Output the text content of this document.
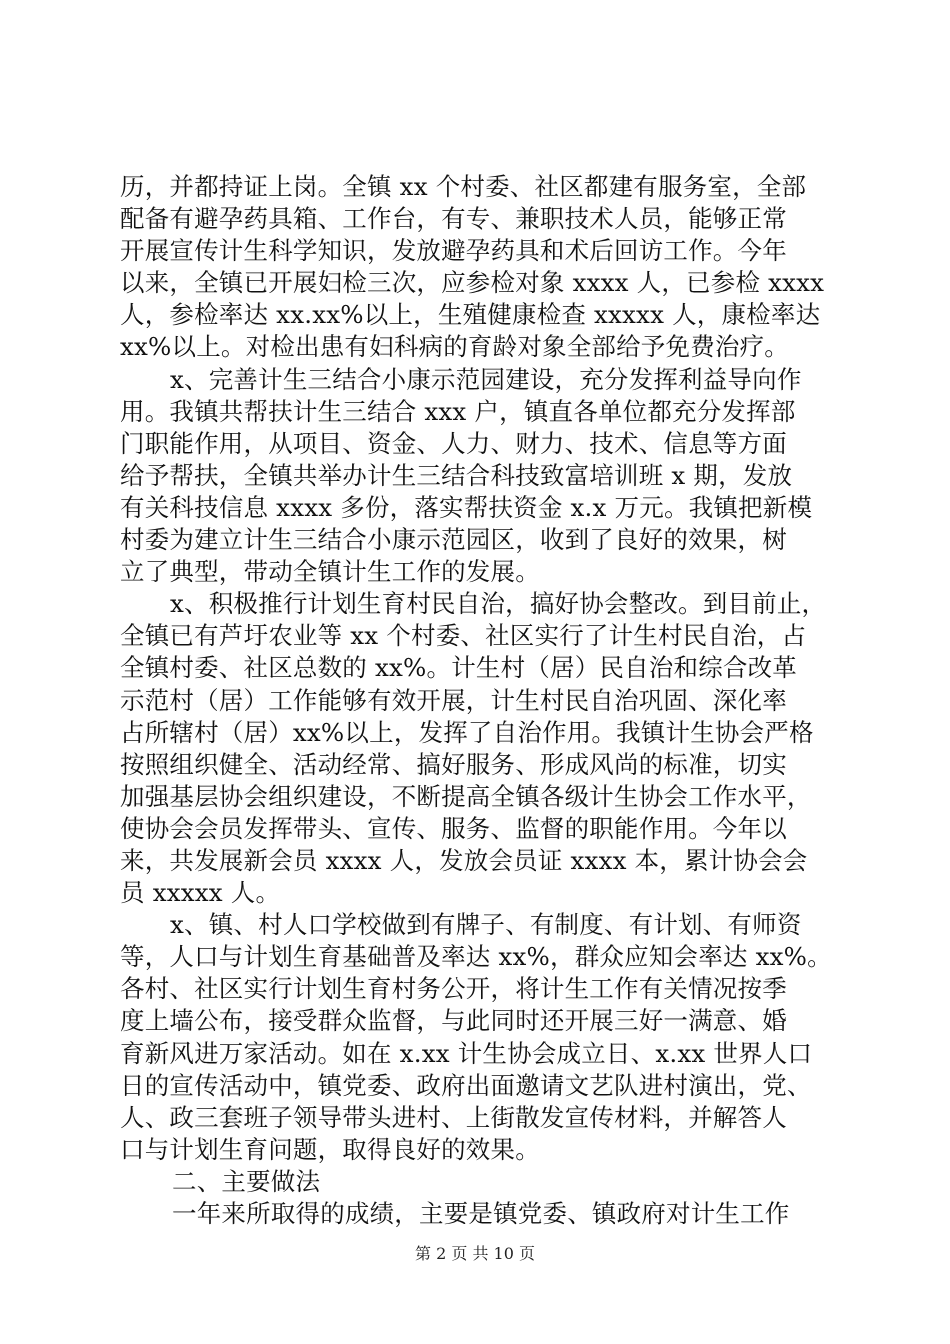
历，并都持证上岗。全镇 xx 个村委、社区都建有服务室，全部
配备有避孕药具箱、工作台，有专、兼职技术人员，能够正常
开展宣传计生科学知识，发放避孕药具和术后回访工作。今年
以来，全镇已开展妇检三次，应参检对象 xxxx 人，已参检 xxxx
人，参检率达 xx.xx%以上，生殖健康检查 xxxxx 人，康检率达
xx%以上。对检出患有妇科病的育龄对象全部给予免费治疗。
x、完善计生三结合小康示范园建设，充分发挥利益导向作
用。我镇共帮扶计生三结合 xxx 户，镇直各单位都充分发挥部
门职能作用，从项目、资金、人力、财力、技术、信息等方面
给予帮扶，全镇共举办计生三结合科技致富培训班 x 期，发放
有关科技信息 xxxx 多份，落实帮扶资金 x.x 万元。我镇把新模
村委为建立计生三结合小康示范园区，收到了良好的效果，树
立了典型，带动全镇计生工作的发展。
x、积极推行计划生育村民自治，搞好协会整改。到目前止，
全镇已有芦圩农业等 xx 个村委、社区实行了计生村民自治，占
全镇村委、社区总数的 xx%。计生村（居）民自治和综合改革
示范村（居）工作能够有效开展，计生村民自治巩固、深化率
占所辖村（居）xx%以上，发挥了自治作用。我镇计生协会严格
按照组织健全、活动经常、搞好服务、形成风尚的标准，切实
加强基层协会组织建设，不断提高全镇各级计生协会工作水平，
使协会会员发挥带头、宣传、服务、监督的职能作用。今年以
来，共发展新会员 xxxx 人，发放会员证 xxxx 本，累计协会会
员 xxxxx 人。
x、镇、村人口学校做到有牌子、有制度、有计划、有师资
等，人口与计划生育基础普及率达 xx%，群众应知会率达 xx%。
各村、社区实行计划生育村务公开，将计生工作有关情况按季
度上墙公布，接受群众监督，与此同时还开展三好一满意、婚
育新风进万家活动。如在 x.xx 计生协会成立日、x.xx 世界人口
日的宣传活动中，镇党委、政府出面邀请文艺队进村演出，党、
人、政三套班子领导带头进村、上街散发宣传材料，并解答人
口与计划生育问题，取得良好的效果。
二、主要做法
一年来所取得的成绩，主要是镇党委、镇政府对计生工作
第 2 页 共 10 页
